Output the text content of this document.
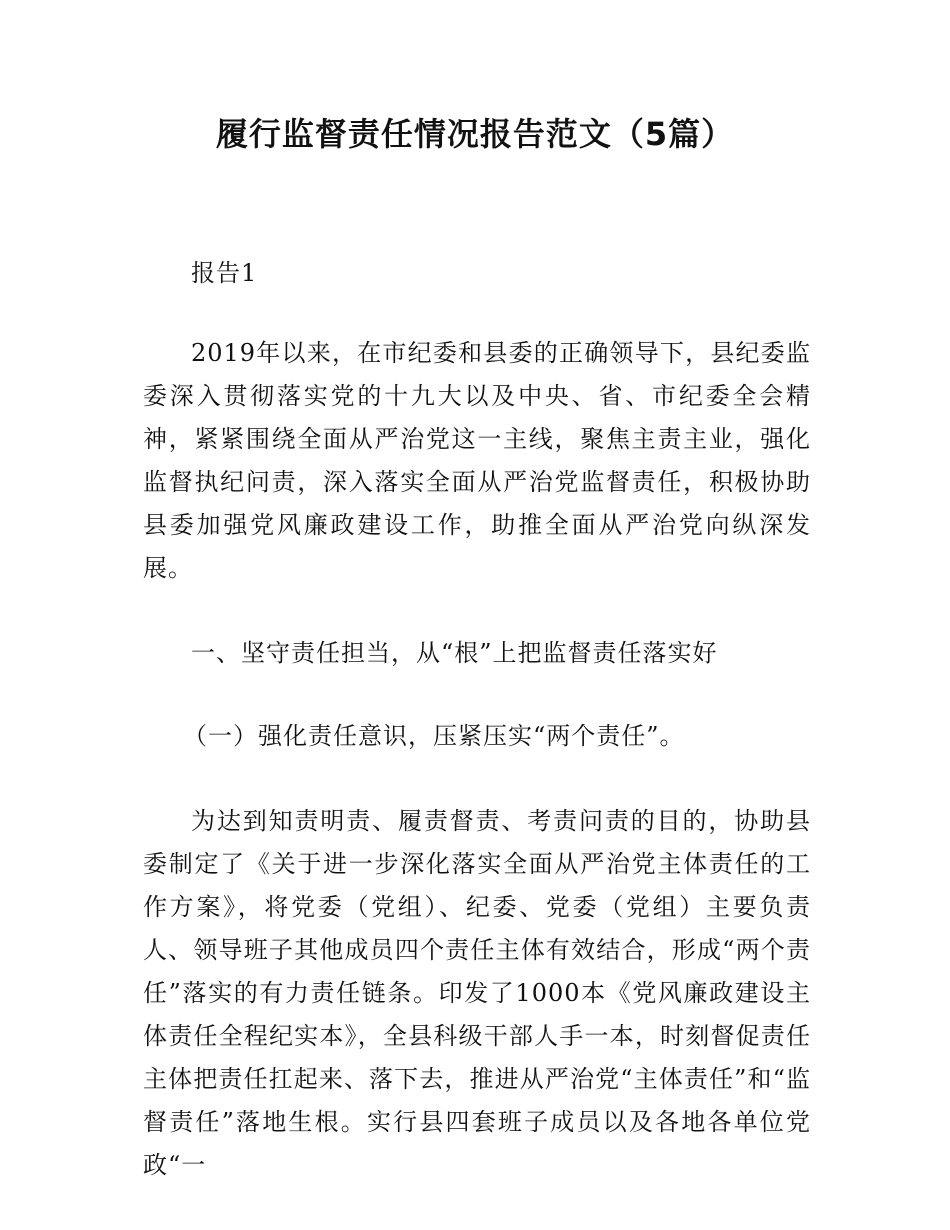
履行监督责任情况报告范文（5篇）

报告1

2019年以来，在市纪委和县委的正确领导下，县纪委监委深入贯彻落实党的十九大以及中央、省、市纪委全会精神，紧紧围绕全面从严治党这一主线，聚焦主责主业，强化监督执纪问责，深入落实全面从严治党监督责任，积极协助县委加强党风廉政建设工作，助推全面从严治党向纵深发展。

一、坚守责任担当，从“根”上把监督责任落实好

（一）强化责任意识，压紧压实“两个责任”。

为达到知责明责、履责督责、考责问责的目的，协助县委制定了《关于进一步深化落实全面从严治党主体责任的工作方案》，将党委（党组）、纪委、党委（党组）主要负责人、领导班子其他成员四个责任主体有效结合，形成“两个责任”落实的有力责任链条。印发了1000本《党风廉政建设主体责任全程纪实本》，全县科级干部人手一本，时刻督促责任主体把责任扛起来、落下去，推进从严治党“主体责任”和“监督责任”落地生根。实行县四套班子成员以及各地各单位党政“一
